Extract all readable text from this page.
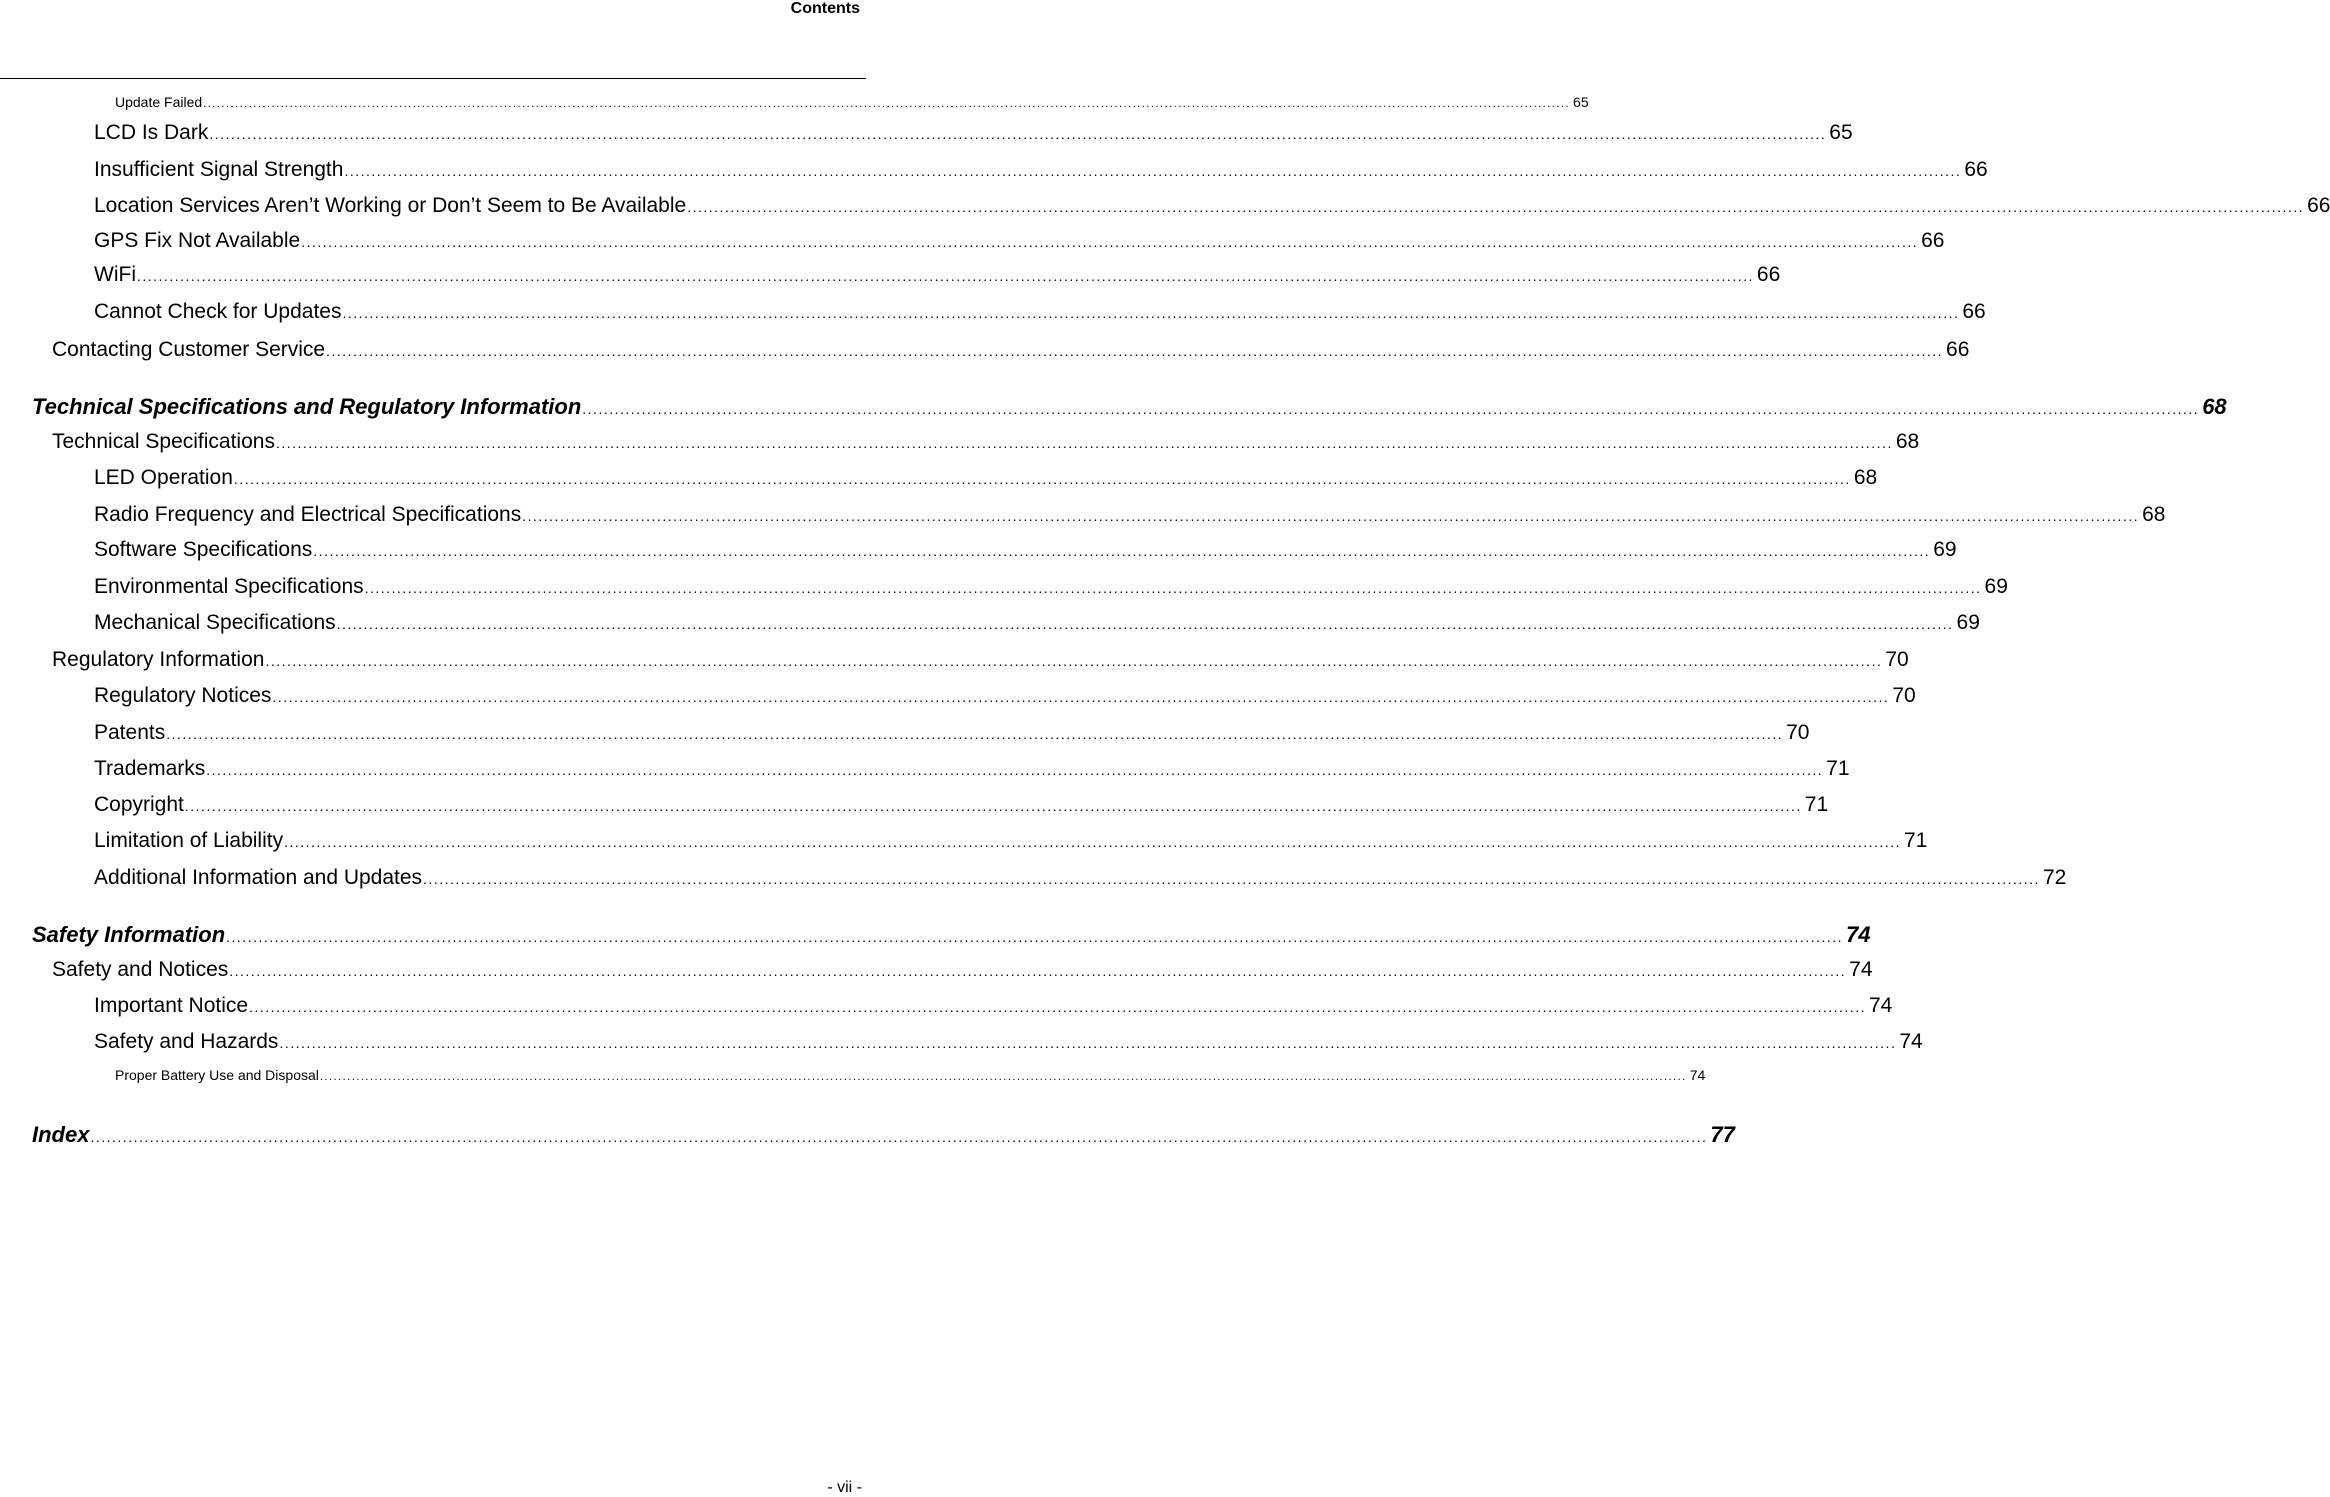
Contents
Update Failed ............................................................................................................................................................................................................................................................................................................ 65
LCD Is Dark ............................................................................................................................................................................................................................................................................................................ 65
Insufficient Signal Strength ............................................................................................................................................................................................................................................................................................................ 66
Location Services Aren’t Working or Don’t Seem to Be Available ............................................................................................................................................................................................................................................................................................................ 66
GPS Fix Not Available ............................................................................................................................................................................................................................................................................................................ 66
WiFi ............................................................................................................................................................................................................................................................................................................ 66
Cannot Check for Updates ............................................................................................................................................................................................................................................................................................................ 66
Contacting Customer Service ............................................................................................................................................................................................................................................................................................................ 66
Technical Specifications and Regulatory Information ............................................................................................................................................................................................................................................................................................................ 68
Technical Specifications ............................................................................................................................................................................................................................................................................................................ 68
LED Operation ............................................................................................................................................................................................................................................................................................................ 68
Radio Frequency and Electrical Specifications ............................................................................................................................................................................................................................................................................................................ 68
Software Specifications ............................................................................................................................................................................................................................................................................................................ 69
Environmental Specifications ............................................................................................................................................................................................................................................................................................................ 69
Mechanical Specifications ............................................................................................................................................................................................................................................................................................................ 69
Regulatory Information ............................................................................................................................................................................................................................................................................................................ 70
Regulatory Notices ............................................................................................................................................................................................................................................................................................................ 70
Patents ............................................................................................................................................................................................................................................................................................................ 70
Trademarks ............................................................................................................................................................................................................................................................................................................ 71
Copyright ............................................................................................................................................................................................................................................................................................................ 71
Limitation of Liability ............................................................................................................................................................................................................................................................................................................ 71
Additional Information and Updates ............................................................................................................................................................................................................................................................................................................ 72
Safety Information ............................................................................................................................................................................................................................................................................................................ 74
Safety and Notices ............................................................................................................................................................................................................................................................................................................ 74
Important Notice ............................................................................................................................................................................................................................................................................................................ 74
Safety and Hazards ............................................................................................................................................................................................................................................................................................................ 74
Proper Battery Use and Disposal ............................................................................................................................................................................................................................................................................................................ 74
Index ............................................................................................................................................................................................................................................................................................................ 77
- vii -
